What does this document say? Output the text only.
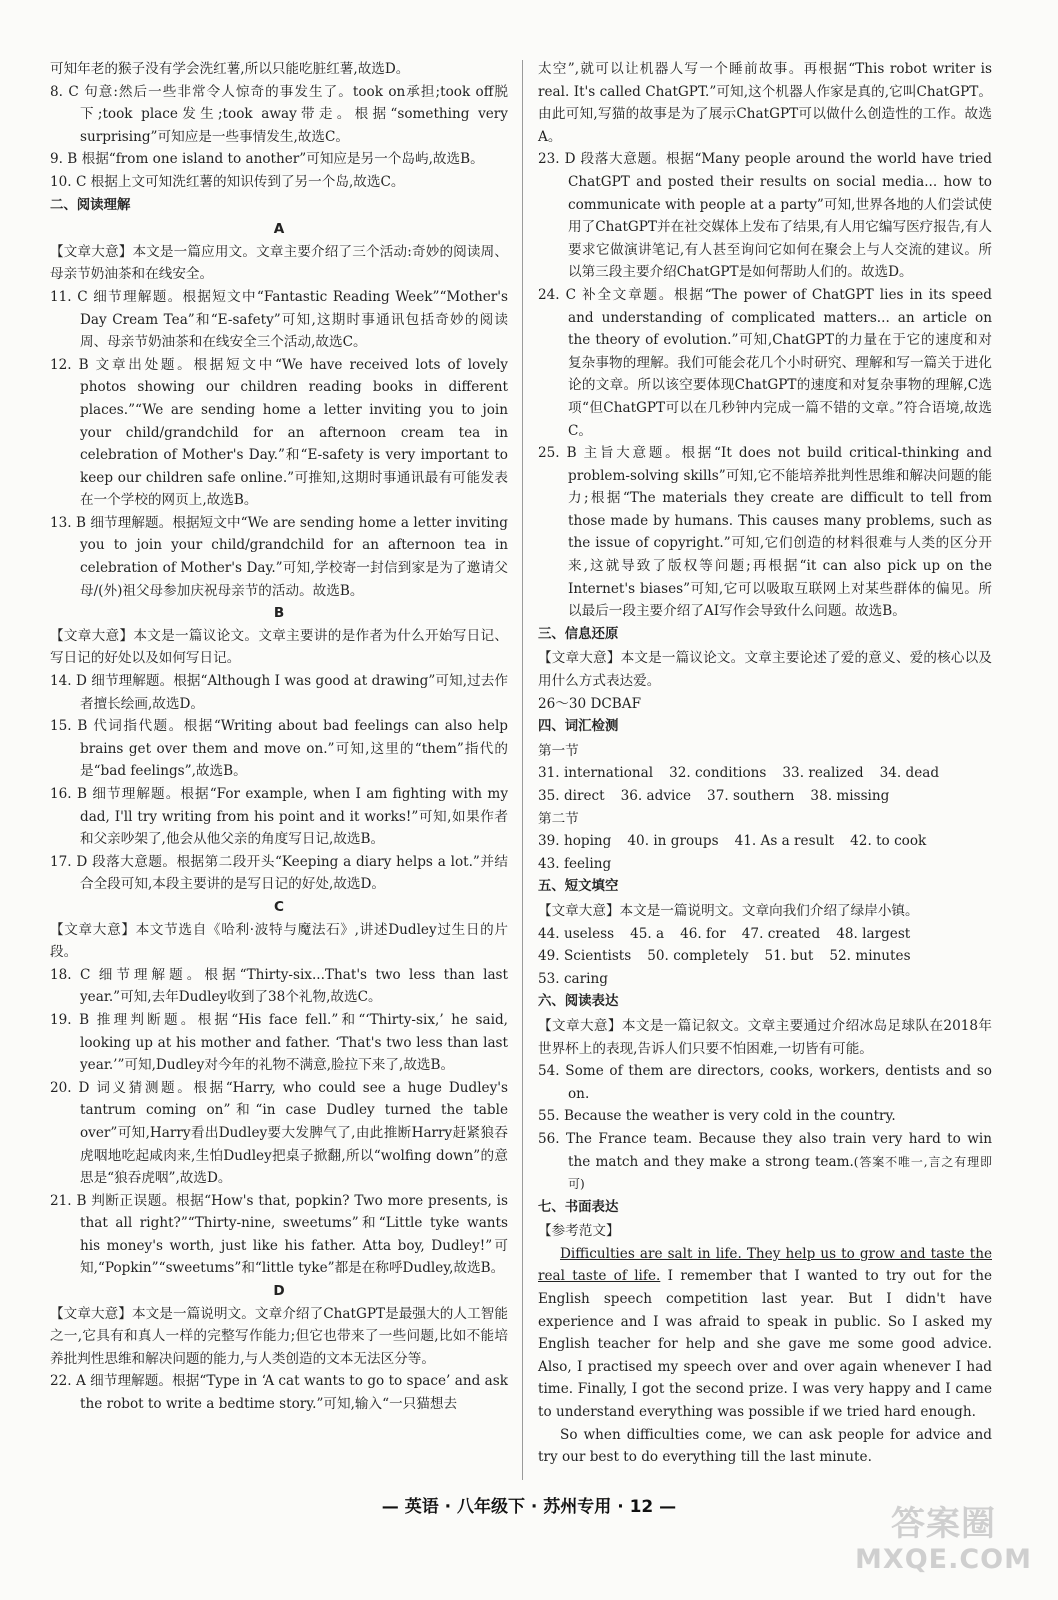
可知年老的猴子没有学会洗红薯,所以只能吃脏红薯,故选D。

8. C 句意:然后一些非常令人惊奇的事发生了。took on承担;took off脱下;took place发生;took away带走。根据“something very surprising”可知应是一些事情发生,故选C。

9. B 根据“from one island to another”可知应是另一个岛屿,故选B。

10. C 根据上文可知洗红薯的知识传到了另一个岛,故选C。

二、阅读理解

A

【文章大意】本文是一篇应用文。文章主要介绍了三个活动:奇妙的阅读周、母亲节奶油茶和在线安全。

11. C 细节理解题。根据短文中“Fantastic Reading Week”“Mother's Day Cream Tea”和“E-safety”可知,这期时事通讯包括奇妙的阅读周、母亲节奶油茶和在线安全三个活动,故选C。

12. B 文章出处题。根据短文中“We have received lots of lovely photos showing our children reading books in different places.”“We are sending home a letter inviting you to join your child/grandchild for an afternoon cream tea in celebration of Mother's Day.”和“E-safety is very important to keep our children safe online.”可推知,这期时事通讯最有可能发表在一个学校的网页上,故选B。

13. B 细节理解题。根据短文中“We are sending home a letter inviting you to join your child/grandchild for an afternoon tea in celebration of Mother's Day.”可知,学校寄一封信到家是为了邀请父母/(外)祖父母参加庆祝母亲节的活动。故选B。

B

【文章大意】本文是一篇议论文。文章主要讲的是作者为什么开始写日记、写日记的好处以及如何写日记。

14. D 细节理解题。根据“Although I was good at drawing”可知,过去作者擅长绘画,故选D。

15. B 代词指代题。根据“Writing about bad feelings can also help brains get over them and move on.”可知,这里的“them”指代的是“bad feelings”,故选B。

16. B 细节理解题。根据“For example, when I am fighting with my dad, I'll try writing from his point and it works!”可知,如果作者和父亲吵架了,他会从他父亲的角度写日记,故选B。

17. D 段落大意题。根据第二段开头“Keeping a diary helps a lot.”并结合全段可知,本段主要讲的是写日记的好处,故选D。

C

【文章大意】本文节选自《哈利·波特与魔法石》,讲述Dudley过生日的片段。

18. C 细节理解题。根据“Thirty-six...That's two less than last year.”可知,去年Dudley收到了38个礼物,故选C。

19. B 推理判断题。根据“His face fell.”和“‘Thirty-six,’ he said, looking up at his mother and father. ‘That's two less than last year.’”可知,Dudley对今年的礼物不满意,脸拉下来了,故选B。

20. D 词义猜测题。根据“Harry, who could see a huge Dudley's tantrum coming on”和“in case Dudley turned the table over”可知,Harry看出Dudley要大发脾气了,由此推断Harry赶紧狼吞虎咽地吃起咸肉来,生怕Dudley把桌子掀翻,所以“wolfing down”的意思是“狼吞虎咽”,故选D。

21. B 判断正误题。根据“How's that, popkin? Two more presents, is that all right?”“Thirty-nine, sweetums”和“Little tyke wants his money's worth, just like his father. Atta boy, Dudley!”可知,“Popkin”“sweetums”和“little tyke”都是在称呼Dudley,故选B。

D

【文章大意】本文是一篇说明文。文章介绍了ChatGPT是最强大的人工智能之一,它具有和真人一样的完整写作能力;但它也带来了一些问题,比如不能培养批判性思维和解决问题的能力,与人类创造的文本无法区分等。

22. A 细节理解题。根据“Type in ‘A cat wants to go to space’ and ask the robot to write a bedtime story.”可知,输入“一只猫想去

太空”,就可以让机器人写一个睡前故事。再根据“This robot writer is real. It's called ChatGPT.”可知,这个机器人作家是真的,它叫ChatGPT。由此可知,写猫的故事是为了展示ChatGPT可以做什么创造性的工作。故选A。

23. D 段落大意题。根据“Many people around the world have tried ChatGPT and posted their results on social media... how to communicate with people at a party”可知,世界各地的人们尝试使用了ChatGPT并在社交媒体上发布了结果,有人用它编写医疗报告,有人要求它做演讲笔记,有人甚至询问它如何在聚会上与人交流的建议。所以第三段主要介绍ChatGPT是如何帮助人们的。故选D。

24. C 补全文章题。根据“The power of ChatGPT lies in its speed and understanding of complicated matters... an article on the theory of evolution.”可知,ChatGPT的力量在于它的速度和对复杂事物的理解。我们可能会花几个小时研究、理解和写一篇关于进化论的文章。所以该空要体现ChatGPT的速度和对复杂事物的理解,C选项“但ChatGPT可以在几秒钟内完成一篇不错的文章。”符合语境,故选C。

25. B 主旨大意题。根据“It does not build critical-thinking and problem-solving skills”可知,它不能培养批判性思维和解决问题的能力;根据“The materials they create are difficult to tell from those made by humans. This causes many problems, such as the issue of copyright.”可知,它们创造的材料很难与人类的区分开来,这就导致了版权等问题;再根据“it can also pick up on the Internet's biases”可知,它可以吸取互联网上对某些群体的偏见。所以最后一段主要介绍了AI写作会导致什么问题。故选B。

三、信息还原

【文章大意】本文是一篇议论文。文章主要论述了爱的意义、爱的核心以及用什么方式表达爱。

26～30 DCBAF

四、词汇检测

第一节

31. international 32. conditions 33. realized 34. dead
35. direct 36. advice 37. southern 38. missing

第二节

39. hoping 40. in groups 41. As a result 42. to cook
43. feeling
五、短文填空

【文章大意】本文是一篇说明文。文章向我们介绍了绿岸小镇。

44. useless 45. a 46. for 47. created 48. largest
49. Scientists 50. completely 51. but 52. minutes
53. caring
六、阅读表达

【文章大意】本文是一篇记叙文。文章主要通过介绍冰岛足球队在2018年世界杯上的表现,告诉人们只要不怕困难,一切皆有可能。

54. Some of them are directors, cooks, workers, dentists and so on.

55. Because the weather is very cold in the country.

56. The France team. Because they also train very hard to win the match and they make a strong team.(答案不唯一,言之有理即可)

七、书面表达

【参考范文】

Difficulties are salt in life. They help us to grow and taste the real taste of life. I remember that I wanted to try out for the English speech competition last year. But I didn't have experience and I was afraid to speak in public. So I asked my English teacher for help and she gave me some good advice. Also, I practised my speech over and over again whenever I had time. Finally, I got the second prize. I was very happy and I came to understand everything was possible if we tried hard enough.

So when difficulties come, we can ask people for advice and try our best to do everything till the last minute.

— 英语 · 八年级下 · 苏州专用 · 12 —	答案圈
MXQE.COM
